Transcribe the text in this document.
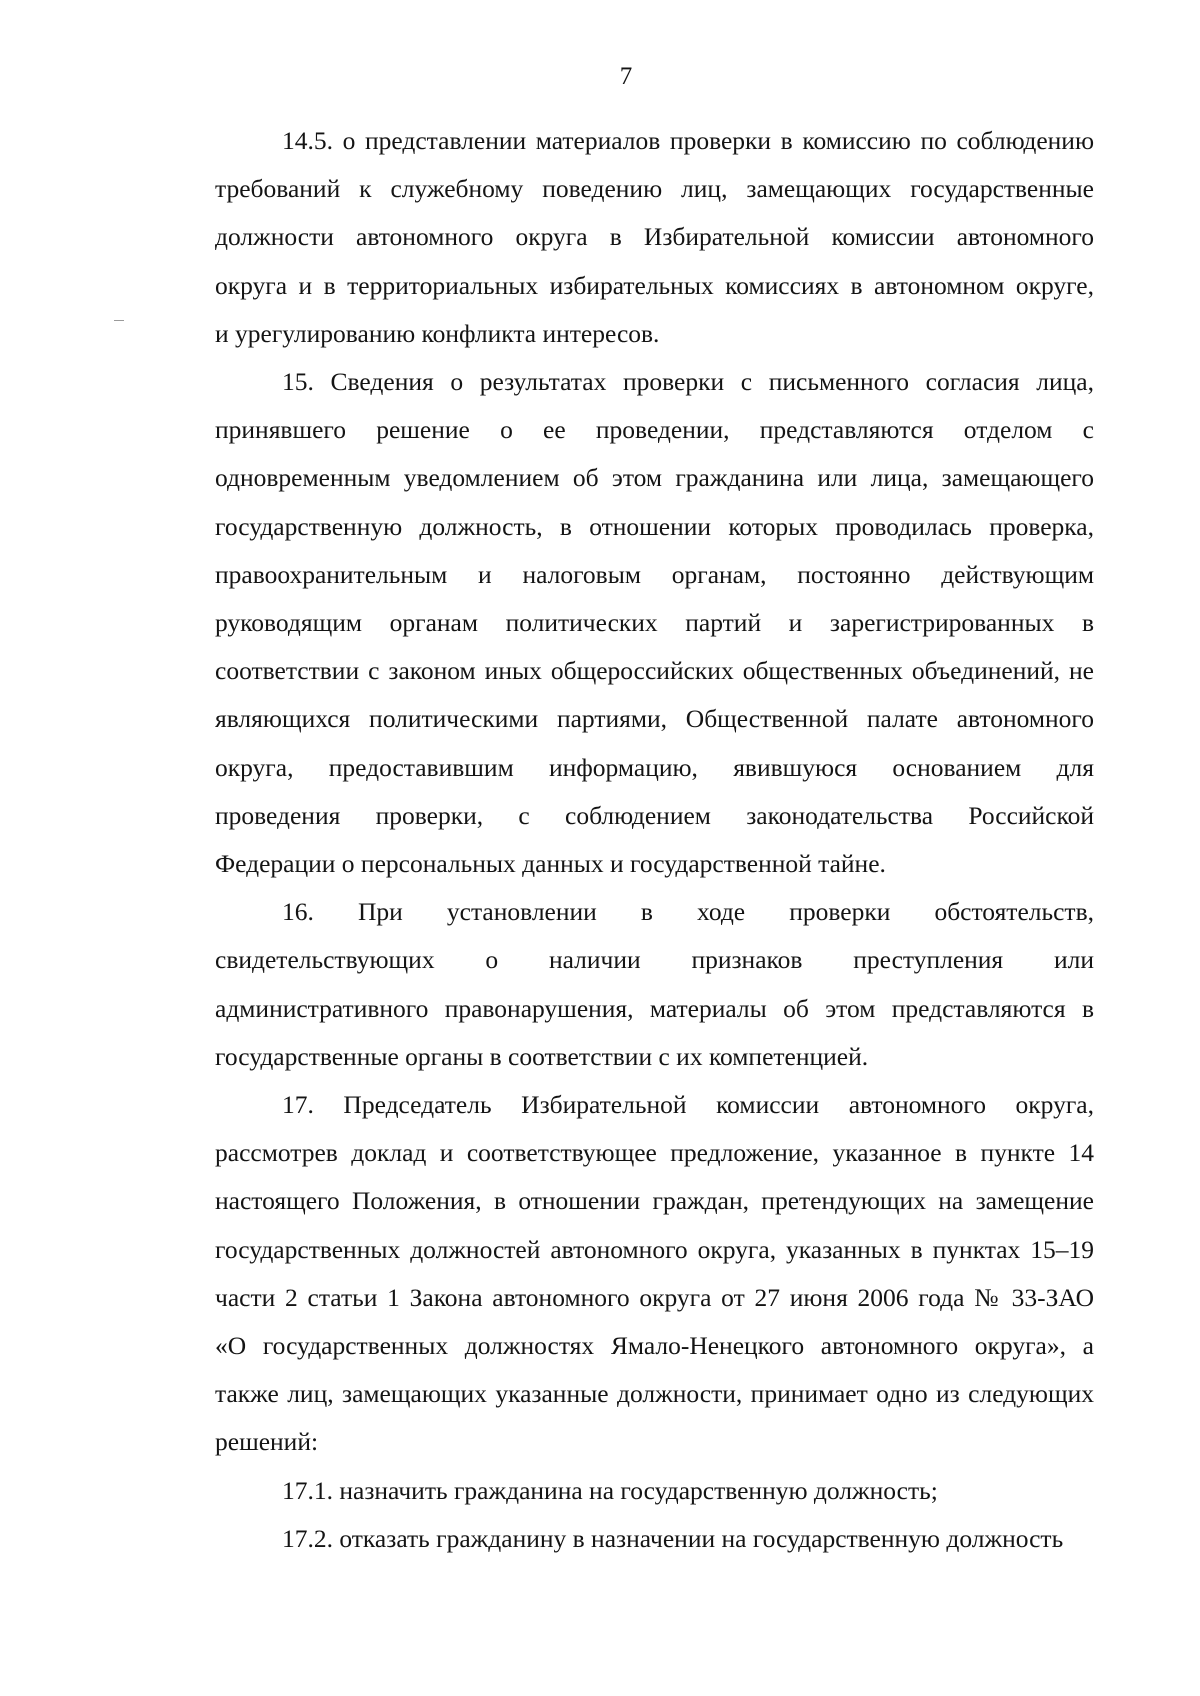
7
14.5. о представлении материалов проверки в комиссию по соблюдению
требований к служебному поведению лиц, замещающих государственные
должности автономного округа в Избирательной комиссии автономного
округа и в территориальных избирательных комиссиях в автономном округе,
и урегулированию конфликта интересов.
15. Сведения о результатах проверки с письменного согласия лица,
принявшего решение о ее проведении, представляются отделом с
одновременным уведомлением об этом гражданина или лица, замещающего
государственную должность, в отношении которых проводилась проверка,
правоохранительным и налоговым органам, постоянно действующим
руководящим органам политических партий и зарегистрированных в
соответствии с законом иных общероссийских общественных объединений, не
являющихся политическими партиями, Общественной палате автономного
округа, предоставившим информацию, явившуюся основанием для
проведения проверки, с соблюдением законодательства Российской
Федерации о персональных данных и государственной тайне.
16. При установлении в ходе проверки обстоятельств,
свидетельствующих о наличии признаков преступления или
административного правонарушения, материалы об этом представляются в
государственные органы в соответствии с их компетенцией.
17. Председатель Избирательной комиссии автономного округа,
рассмотрев доклад и соответствующее предложение, указанное в пункте 14
настоящего Положения, в отношении граждан, претендующих на замещение
государственных должностей автономного округа, указанных в пунктах 15–19
части 2 статьи 1 Закона автономного округа от 27 июня 2006 года № 33-ЗАО
«О государственных должностях Ямало-Ненецкого автономного округа», а
также лиц, замещающих указанные должности, принимает одно из следующих
решений:
17.1. назначить гражданина на государственную должность;
17.2. отказать гражданину в назначении на государственную должность
